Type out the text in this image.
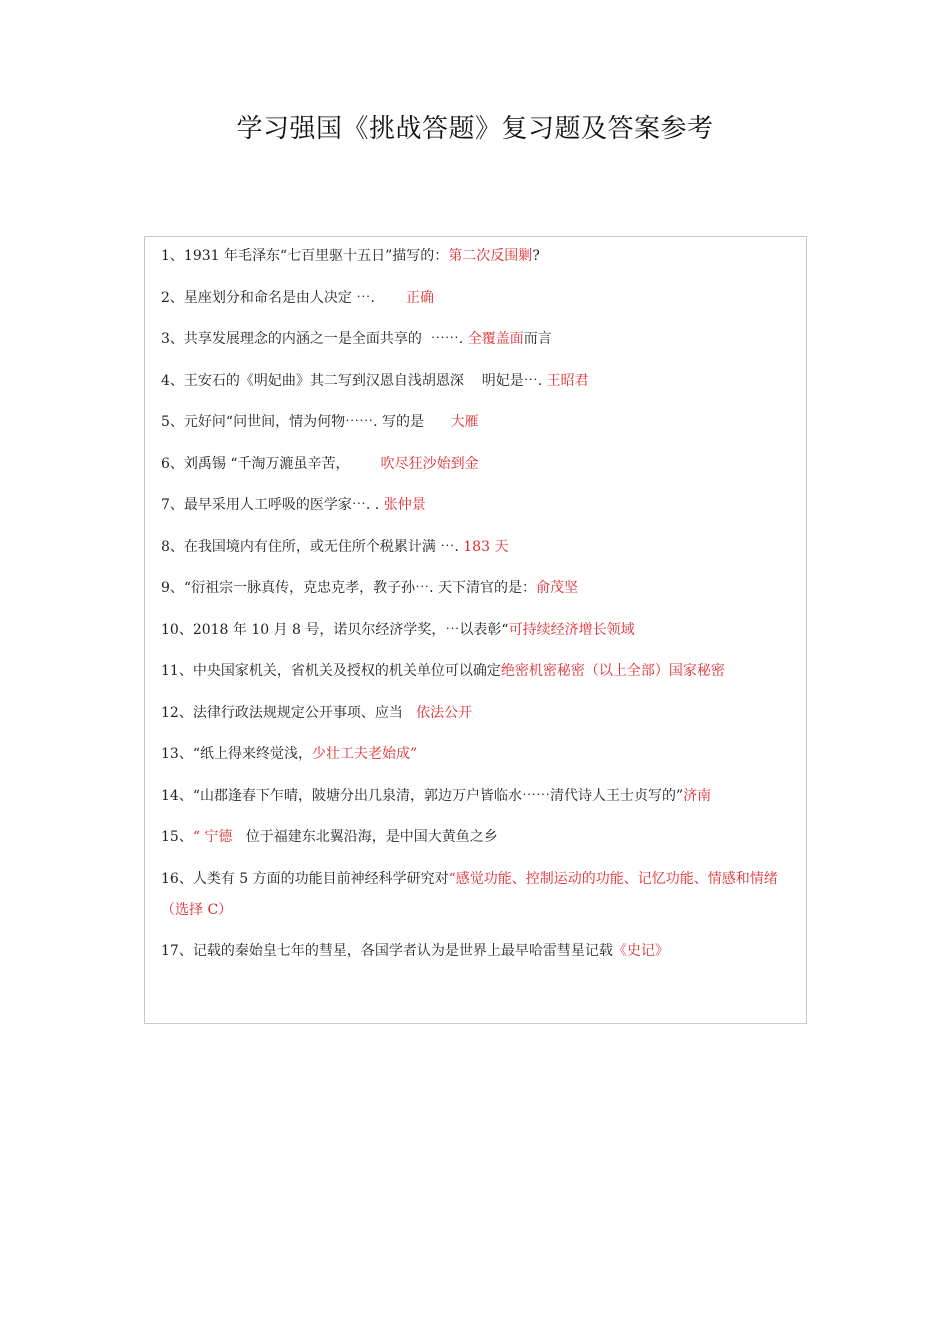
学习强国《挑战答题》复习题及答案参考
1、1931 年毛泽东“七百里驱十五日”描写的：第二次反围剿?
2、星座划分和命名是由人决定 ⋯.       正确
3、共享发展理念的内涵之一是全面共享的  ⋯⋯. 全覆盖面而言
4、王安石的《明妃曲》其二写到汉恩自浅胡恩深    明妃是⋯. 王昭君
5、元好问“问世间，情为何物⋯⋯. 写的是      大雁
6、刘禹锡 “千淘万漉虽辛苦，       吹尽狂沙始到金
7、最早采用人工呼吸的医学家⋯. . 张仲景
8、在我国境内有住所，或无住所个税累计满 ⋯. 183 天
9、“衍祖宗一脉真传，克忠克孝，教子孙⋯. 天下清官的是：俞茂坚
10、2018 年 10 月 8 号，诺贝尔经济学奖，⋯以表彰“可持续经济增长领域
11、中央国家机关，省机关及授权的机关单位可以确定绝密机密秘密（以上全部）国家秘密
12、法律行政法规规定公开事项、应当   依法公开
13、“纸上得来终觉浅，少壮工夫老始成”
14、“山郡逢春下乍晴，陂塘分出几泉清，郭边万户皆临水⋯⋯清代诗人王士贞写的”济南
15、“ 宁德   位于福建东北翼沿海，是中国大黄鱼之乡
16、人类有 5 方面的功能目前神经科学研究对“感觉功能、控制运动的功能、记忆功能、情感和情绪（选择 C）
17、记载的秦始皇七年的彗星，各国学者认为是世界上最早哈雷彗星记载《史记》
